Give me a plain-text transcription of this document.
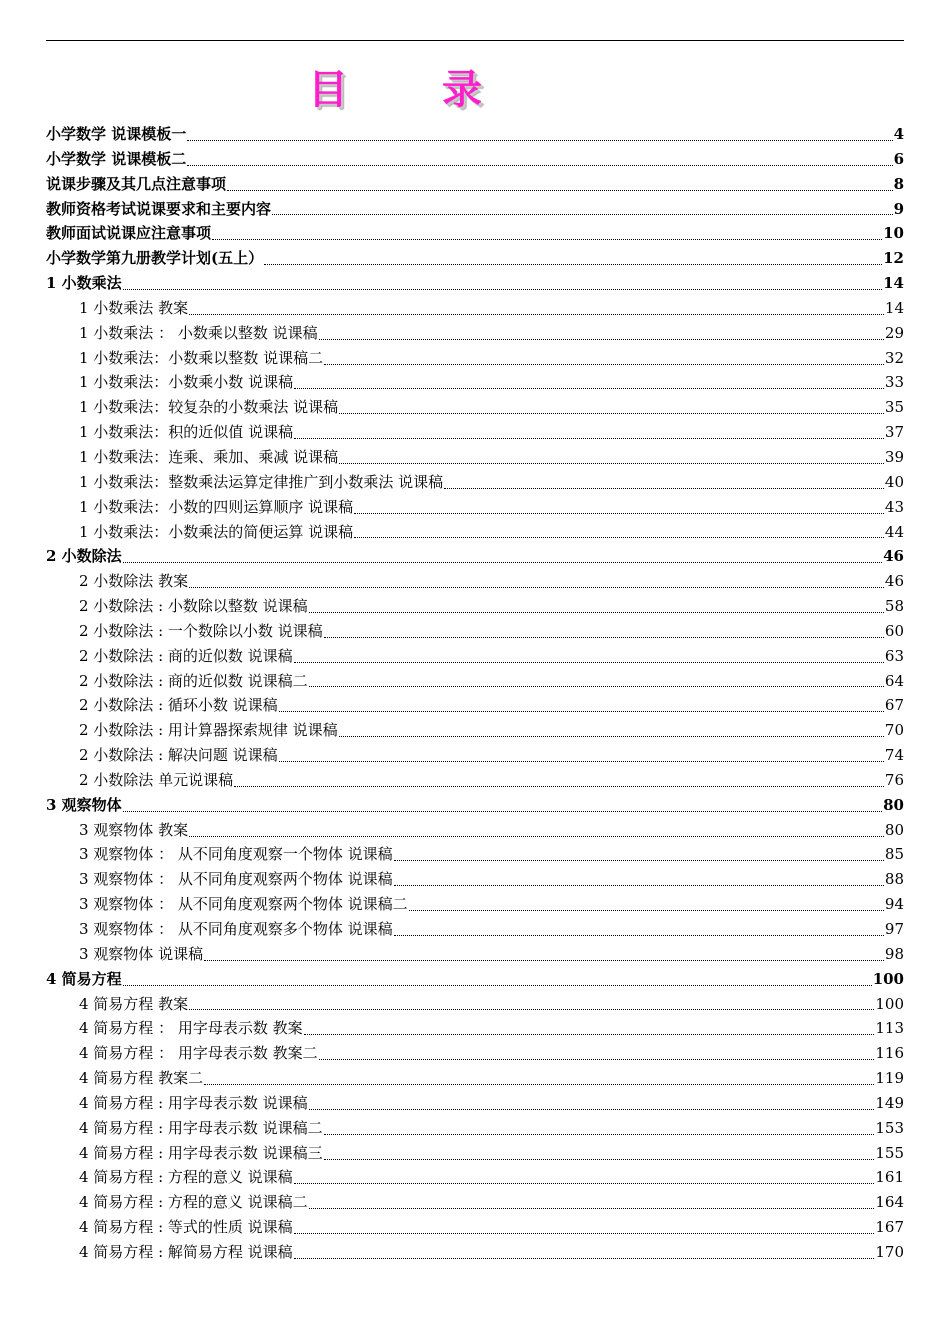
目 录
小学数学 说课模板一	4
小学数学 说课模板二	6
说课步骤及其几点注意事项	8
教师资格考试说课要求和主要内容	9
教师面试说课应注意事项	10
小学数学第九册教学计划(五上）	12
1 小数乘法	14
1 小数乘法 教案	14
1 小数乘法 ： 小数乘以整数 说课稿	29
1 小数乘法：小数乘以整数 说课稿二	32
1 小数乘法：小数乘小数 说课稿	33
1 小数乘法：较复杂的小数乘法 说课稿	35
1 小数乘法：积的近似值 说课稿	37
1 小数乘法：连乘、乘加、乘减 说课稿	39
1 小数乘法：整数乘法运算定律推广到小数乘法 说课稿	40
1 小数乘法：小数的四则运算顺序 说课稿	43
1 小数乘法：小数乘法的简便运算 说课稿	44
2 小数除法	46
2 小数除法 教案	46
2 小数除法 : 小数除以整数 说课稿	58
2 小数除法 : 一个数除以小数 说课稿	60
2 小数除法 : 商的近似数 说课稿	63
2 小数除法 : 商的近似数 说课稿二	64
2 小数除法 : 循环小数 说课稿	67
2 小数除法 : 用计算器探索规律 说课稿	70
2 小数除法 : 解决问题 说课稿	74
2 小数除法 单元说课稿	76
3 观察物体	80
3 观察物体 教案	80
3 观察物体 ： 从不同角度观察一个物体 说课稿	85
3 观察物体 ： 从不同角度观察两个物体 说课稿	88
3 观察物体 ： 从不同角度观察两个物体 说课稿二	94
3 观察物体 ： 从不同角度观察多个物体 说课稿	97
3 观察物体 说课稿	98
4 简易方程	100
4 简易方程 教案	100
4 简易方程 ： 用字母表示数 教案	113
4 简易方程 ： 用字母表示数 教案二	116
4 简易方程 教案二	119
4 简易方程 : 用字母表示数 说课稿	149
4 简易方程 : 用字母表示数 说课稿二	153
4 简易方程 : 用字母表示数 说课稿三	155
4 简易方程 : 方程的意义 说课稿	161
4 简易方程 : 方程的意义 说课稿二	164
4 简易方程 : 等式的性质 说课稿	167
4 简易方程 : 解简易方程 说课稿	170
